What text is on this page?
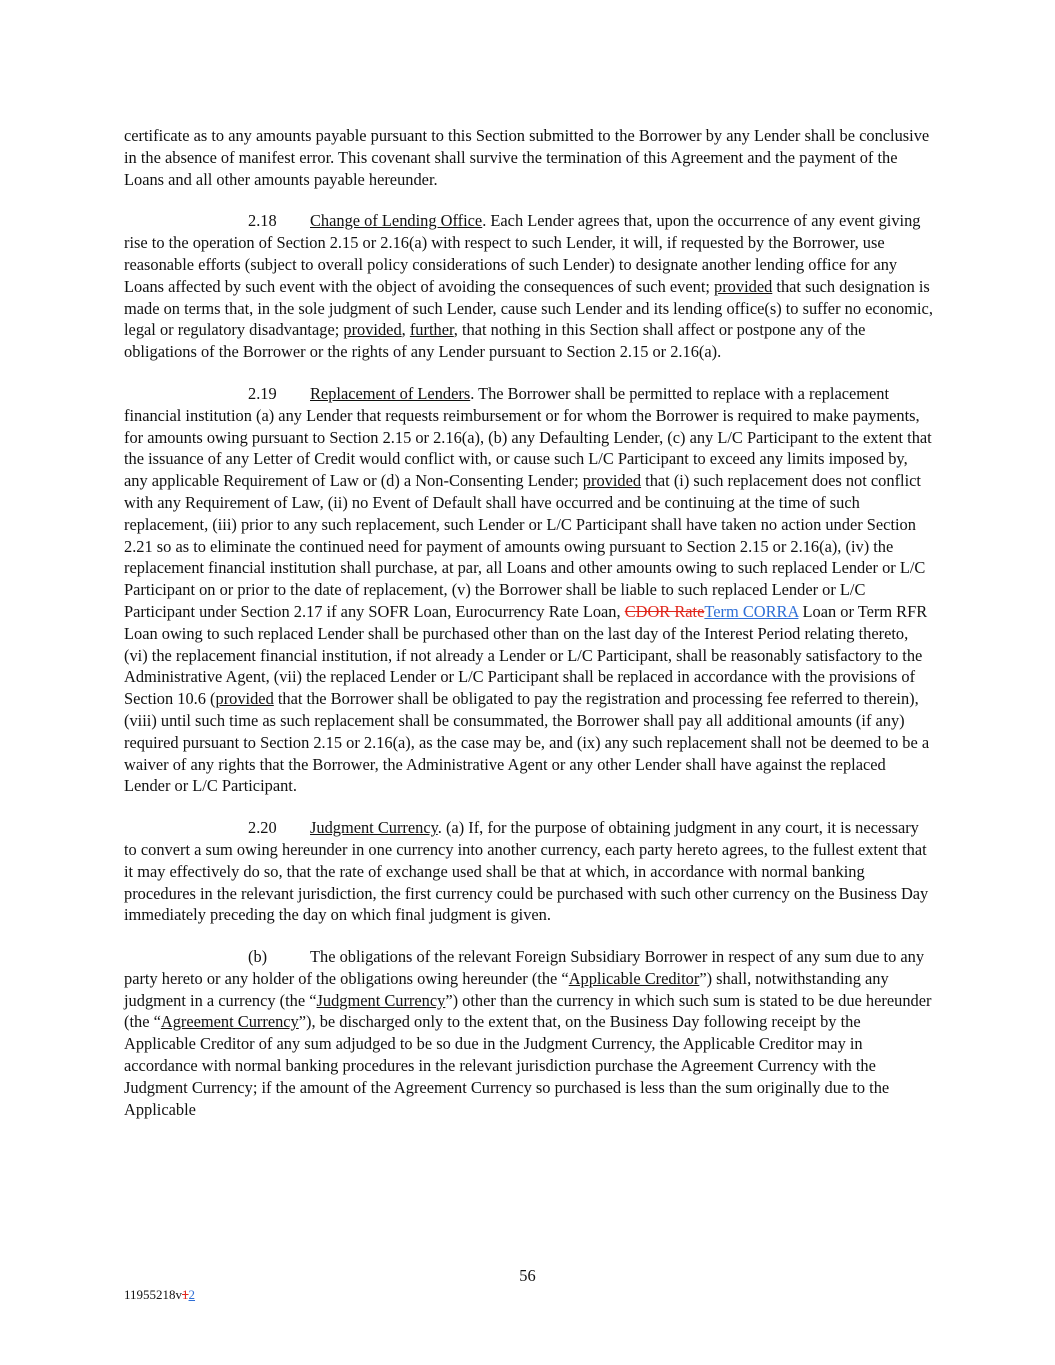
certificate as to any amounts payable pursuant to this Section submitted to the Borrower by any Lender shall be conclusive in the absence of manifest error. This covenant shall survive the termination of this Agreement and the payment of the Loans and all other amounts payable hereunder.

2.18 Change of Lending Office. Each Lender agrees that, upon the occurrence of any event giving rise to the operation of Section 2.15 or 2.16(a) with respect to such Lender, it will, if requested by the Borrower, use reasonable efforts (subject to overall policy considerations of such Lender) to designate another lending office for any Loans affected by such event with the object of avoiding the consequences of such event; provided that such designation is made on terms that, in the sole judgment of such Lender, cause such Lender and its lending office(s) to suffer no economic, legal or regulatory disadvantage; provided, further, that nothing in this Section shall affect or postpone any of the obligations of the Borrower or the rights of any Lender pursuant to Section 2.15 or 2.16(a).

2.19 Replacement of Lenders. The Borrower shall be permitted to replace with a replacement financial institution (a) any Lender that requests reimbursement or for whom the Borrower is required to make payments, for amounts owing pursuant to Section 2.15 or 2.16(a), (b) any Defaulting Lender, (c) any L/C Participant to the extent that the issuance of any Letter of Credit would conflict with, or cause such L/C Participant to exceed any limits imposed by, any applicable Requirement of Law or (d) a Non-Consenting Lender; provided that (i) such replacement does not conflict with any Requirement of Law, (ii) no Event of Default shall have occurred and be continuing at the time of such replacement, (iii) prior to any such replacement, such Lender or L/C Participant shall have taken no action under Section 2.21 so as to eliminate the continued need for payment of amounts owing pursuant to Section 2.15 or 2.16(a), (iv) the replacement financial institution shall purchase, at par, all Loans and other amounts owing to such replaced Lender or L/C Participant on or prior to the date of replacement, (v) the Borrower shall be liable to such replaced Lender or L/C Participant under Section 2.17 if any SOFR Loan, Eurocurrency Rate Loan, CDOR RateTerm CORRA Loan or Term RFR Loan owing to such replaced Lender shall be purchased other than on the last day of the Interest Period relating thereto, (vi) the replacement financial institution, if not already a Lender or L/C Participant, shall be reasonably satisfactory to the Administrative Agent, (vii) the replaced Lender or L/C Participant shall be replaced in accordance with the provisions of Section 10.6 (provided that the Borrower shall be obligated to pay the registration and processing fee referred to therein), (viii) until such time as such replacement shall be consummated, the Borrower shall pay all additional amounts (if any) required pursuant to Section 2.15 or 2.16(a), as the case may be, and (ix) any such replacement shall not be deemed to be a waiver of any rights that the Borrower, the Administrative Agent or any other Lender shall have against the replaced Lender or L/C Participant.

2.20 Judgment Currency. (a) If, for the purpose of obtaining judgment in any court, it is necessary to convert a sum owing hereunder in one currency into another currency, each party hereto agrees, to the fullest extent that it may effectively do so, that the rate of exchange used shall be that at which, in accordance with normal banking procedures in the relevant jurisdiction, the first currency could be purchased with such other currency on the Business Day immediately preceding the day on which final judgment is given.

(b)	The obligations of the relevant Foreign Subsidiary Borrower in respect of any sum due to any party hereto or any holder of the obligations owing hereunder (the “Applicable Creditor”) shall, notwithstanding any judgment in a currency (the “Judgment Currency”) other than the currency in which such sum is stated to be due hereunder (the “Agreement Currency”), be discharged only to the extent that, on the Business Day following receipt by the Applicable Creditor of any sum adjudged to be so due in the Judgment Currency, the Applicable Creditor may in accordance with normal banking procedures in the relevant jurisdiction purchase the Agreement Currency with the Judgment Currency; if the amount of the Agreement Currency so purchased is less than the sum originally due to the Applicable

56
11955218v12
